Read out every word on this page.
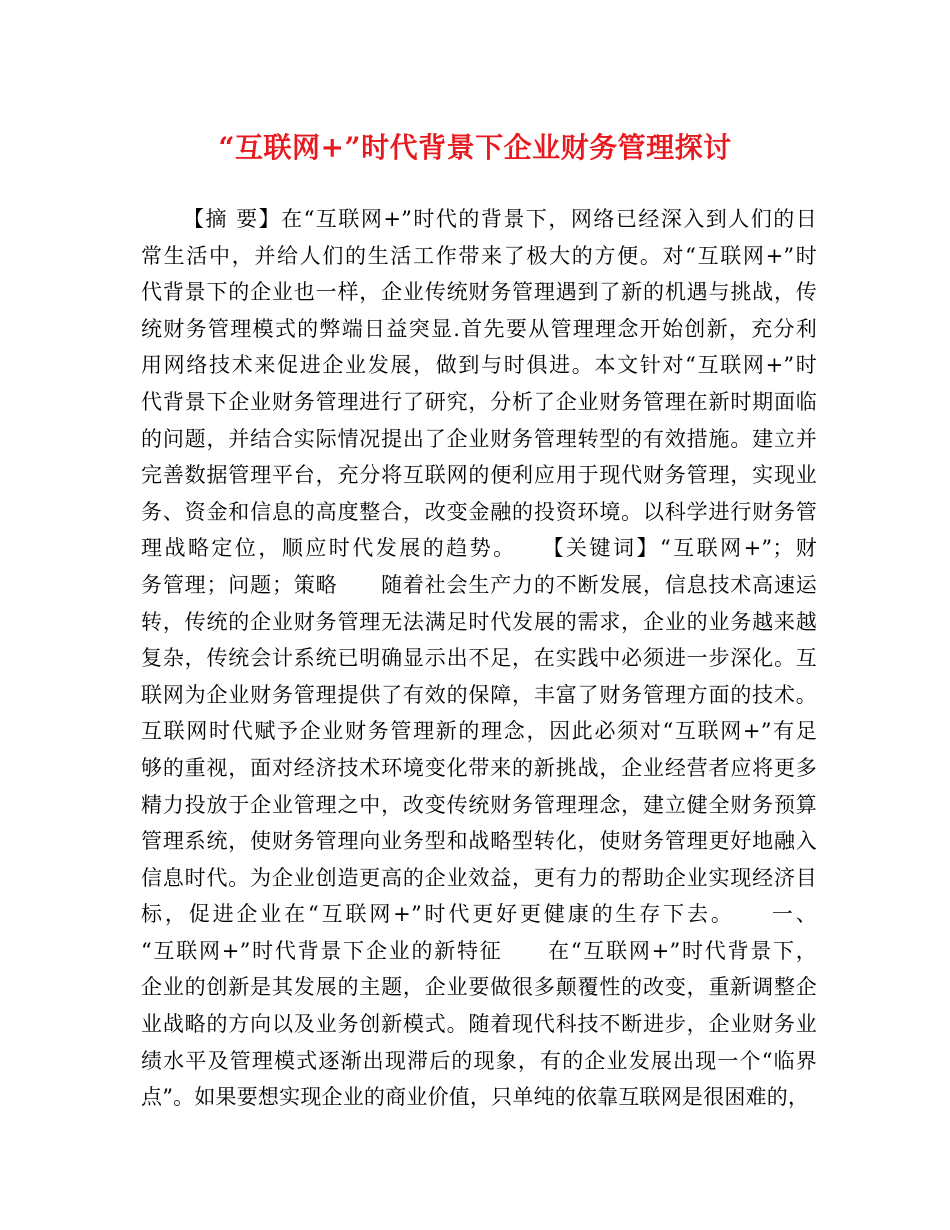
“互联网+”时代背景下企业财务管理探讨
【摘 要】在“互联网+”时代的背景下，网络已经深入到人们的日
常生活中，并给人们的生活工作带来了极大的方便。对“互联网+”时
代背景下的企业也一样，企业传统财务管理遇到了新的机遇与挑战，传
统财务管理模式的弊端日益突显.首先要从管理理念开始创新，充分利
用网络技术来促进企业发展，做到与时俱进。本文针对“互联网+”时
代背景下企业财务管理进行了研究，分析了企业财务管理在新时期面临
的问题，并结合实际情况提出了企业财务管理转型的有效措施。建立并
完善数据管理平台，充分将互联网的便利应用于现代财务管理，实现业
务、资金和信息的高度整合，改变金融的投资环境。以科学进行财务管
理战略定位，顺应时代发展的趋势。　　【关键词】“互联网+”；财
务管理；问题；策略　　随着社会生产力的不断发展，信息技术高速运
转，传统的企业财务管理无法满足时代发展的需求，企业的业务越来越
复杂，传统会计系统已明确显示出不足，在实践中必须进一步深化。互
联网为企业财务管理提供了有效的保障，丰富了财务管理方面的技术。
互联网时代赋予企业财务管理新的理念，因此必须对“互联网+”有足
够的重视，面对经济技术环境变化带来的新挑战，企业经营者应将更多
精力投放于企业管理之中，改变传统财务管理理念，建立健全财务预算
管理系统，使财务管理向业务型和战略型转化，使财务管理更好地融入
信息时代。为企业创造更高的企业效益，更有力的帮助企业实现经济目
标，促进企业在“互联网+”时代更好更健康的生存下去。　　一、
“互联网+”时代背景下企业的新特征　　在“互联网+”时代背景下，
企业的创新是其发展的主题，企业要做很多颠覆性的改变，重新调整企
业战略的方向以及业务创新模式。随着现代科技不断进步，企业财务业
绩水平及管理模式逐渐出现滞后的现象，有的企业发展出现一个“临界
点”。如果要想实现企业的商业价值，只单纯的依靠互联网是很困难的，
